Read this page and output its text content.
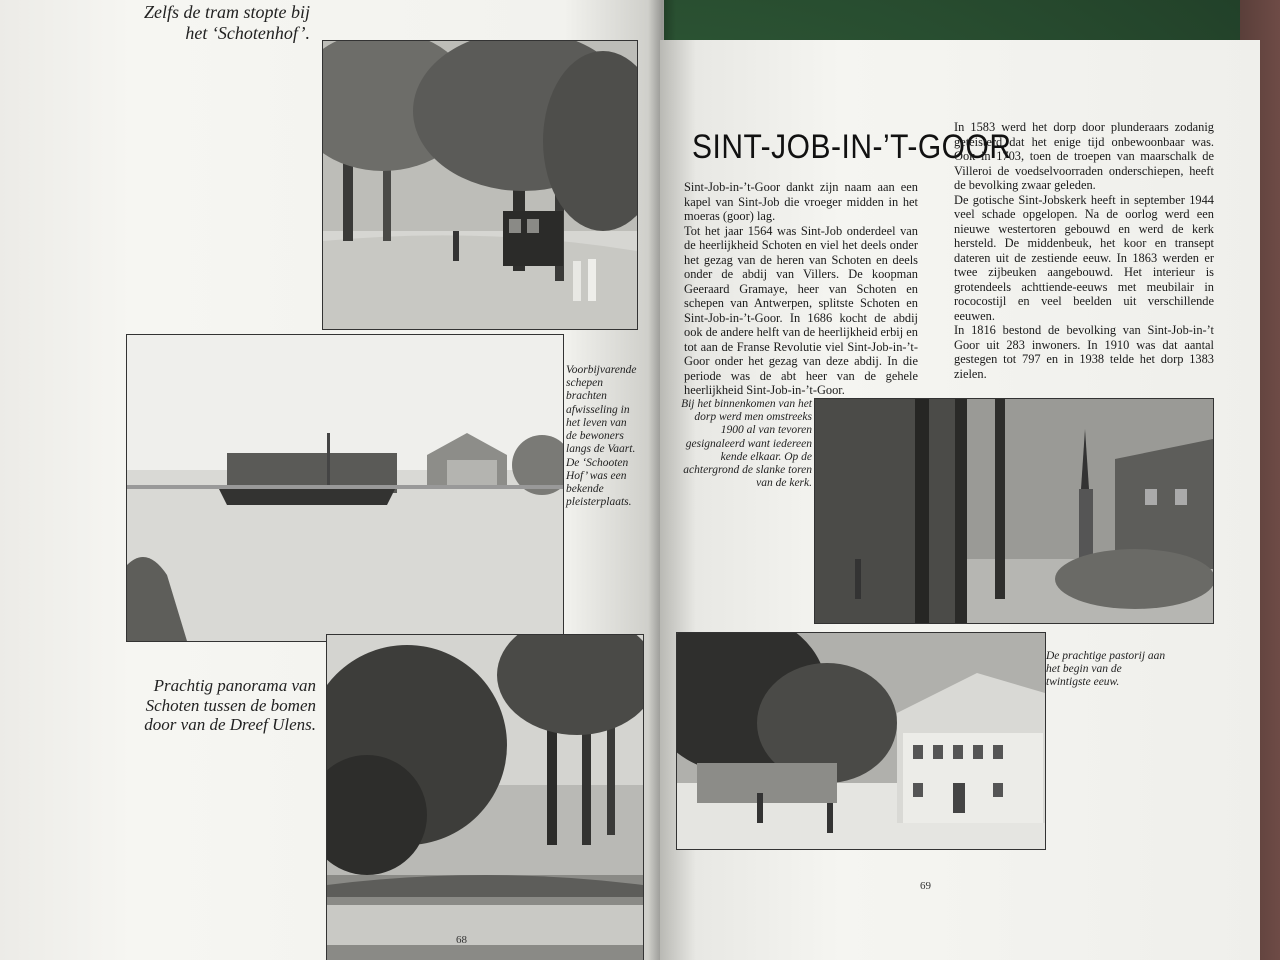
Zelfs de tram stopte bij het ‘Schotenhof’.
Voorbijvarende schepen brachten afwisseling in het leven van de bewoners langs de Vaart. De ‘Schooten Hof’ was een bekende pleisterplaats.
Prachtig panorama van Schoten tussen de bomen door van de Dreef Ulens.
68
SINT-JOB-IN-’T-GOOR

Sint-Job-in-’t-Goor dankt zijn naam aan een kapel van Sint-Job die vroeger midden in het moeras (goor) lag.

Tot het jaar 1564 was Sint-Job onderdeel van de heerlijkheid Schoten en viel het deels onder het gezag van de heren van Schoten en deels onder de abdij van Villers. De koopman Geeraard Gramaye, heer van Schoten en schepen van Antwerpen, splitste Schoten en Sint-Job-in-’t-Goor. In 1686 kocht de abdij ook de andere helft van de heerlijkheid erbij en tot aan de Franse Revolutie viel Sint-Job-in-’t-Goor onder het gezag van deze abdij. In die periode was de abt heer van de gehele heerlijkheid Sint-Job-in-’t-Goor.

In 1583 werd het dorp door plunderaars zodanig geteisterd dat het enige tijd onbewoonbaar was. Ook in 1703, toen de troepen van maarschalk de Villeroi de voedselvoorraden onderschiepen, heeft de bevolking zwaar geleden.

De gotische Sint-Jobskerk heeft in september 1944 veel schade opgelopen. Na de oorlog werd een nieuwe westertoren gebouwd en werd de kerk hersteld. De middenbeuk, het koor en transept dateren uit de zestiende eeuw. In 1863 werden er twee zijbeuken aangebouwd. Het interieur is grotendeels achttiende-eeuws met meubilair in rococostijl en veel beelden uit verschillende eeuwen.

In 1816 bestond de bevolking van Sint-Job-in-’t Goor uit 283 inwoners. In 1910 was dat aantal gestegen tot 797 en in 1938 telde het dorp 1383 zielen.

Bij het binnenkomen van het dorp werd men omstreeks 1900 al van tevoren gesignaleerd want iedereen kende elkaar. Op de achtergrond de slanke toren van de kerk.
De prachtige pastorij aan het begin van de twintigste eeuw.
69
